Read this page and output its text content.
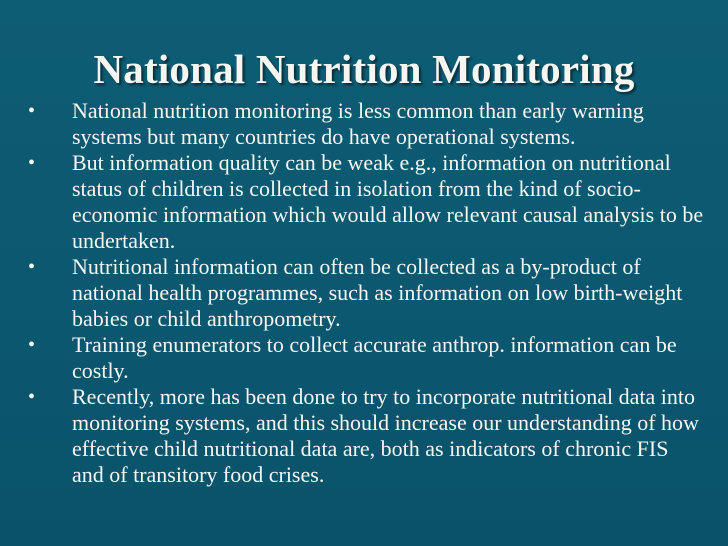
National Nutrition Monitoring
•	National nutrition monitoring is less common than early warning systems but many countries do have operational systems.
•	But information quality can be weak e.g., information on nutritional status of children is collected in isolation from the kind of socio-economic information which would allow relevant causal analysis to be undertaken.
•	Nutritional information can often be collected as a by-product of national health programmes, such as information on low birth-weight babies or child anthropometry.
•	Training enumerators to collect accurate anthrop. information can be costly.
•	Recently, more has been done to try to incorporate nutritional data into monitoring systems, and this should increase our understanding of how effective child nutritional data are, both as indicators of chronic FIS and of transitory food crises.
